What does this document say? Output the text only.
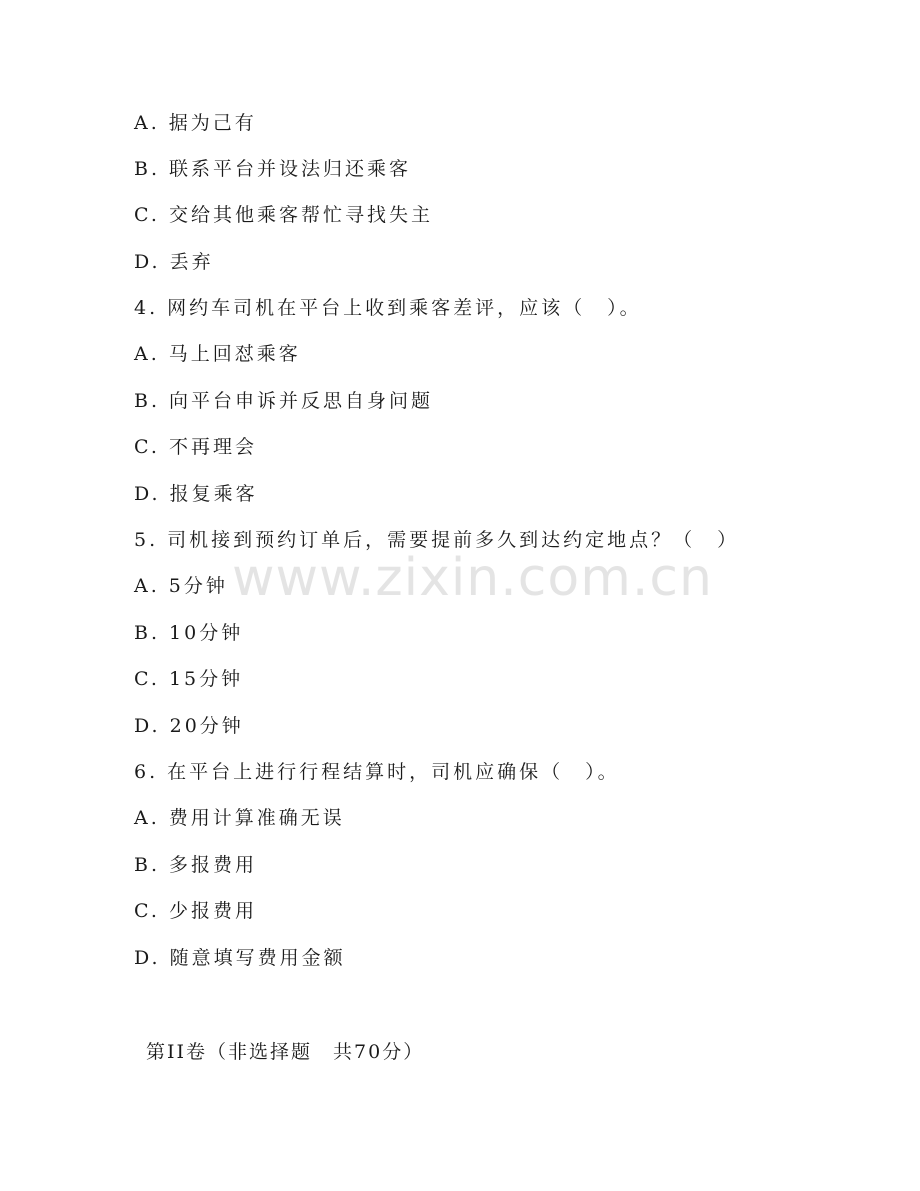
www.zixin.com.cn
A. 据为己有
B. 联系平台并设法归还乘客
C. 交给其他乘客帮忙寻找失主
D. 丢弃
4. 网约车司机在平台上收到乘客差评，应该（　）。
A. 马上回怼乘客
B. 向平台申诉并反思自身问题
C. 不再理会
D. 报复乘客
5. 司机接到预约订单后，需要提前多久到达约定地点？（　）
A. 5分钟
B. 10分钟
C. 15分钟
D. 20分钟
6. 在平台上进行行程结算时，司机应确保（　）。
A. 费用计算准确无误
B. 多报费用
C. 少报费用
D. 随意填写费用金额
第II卷（非选择题　共70分）
